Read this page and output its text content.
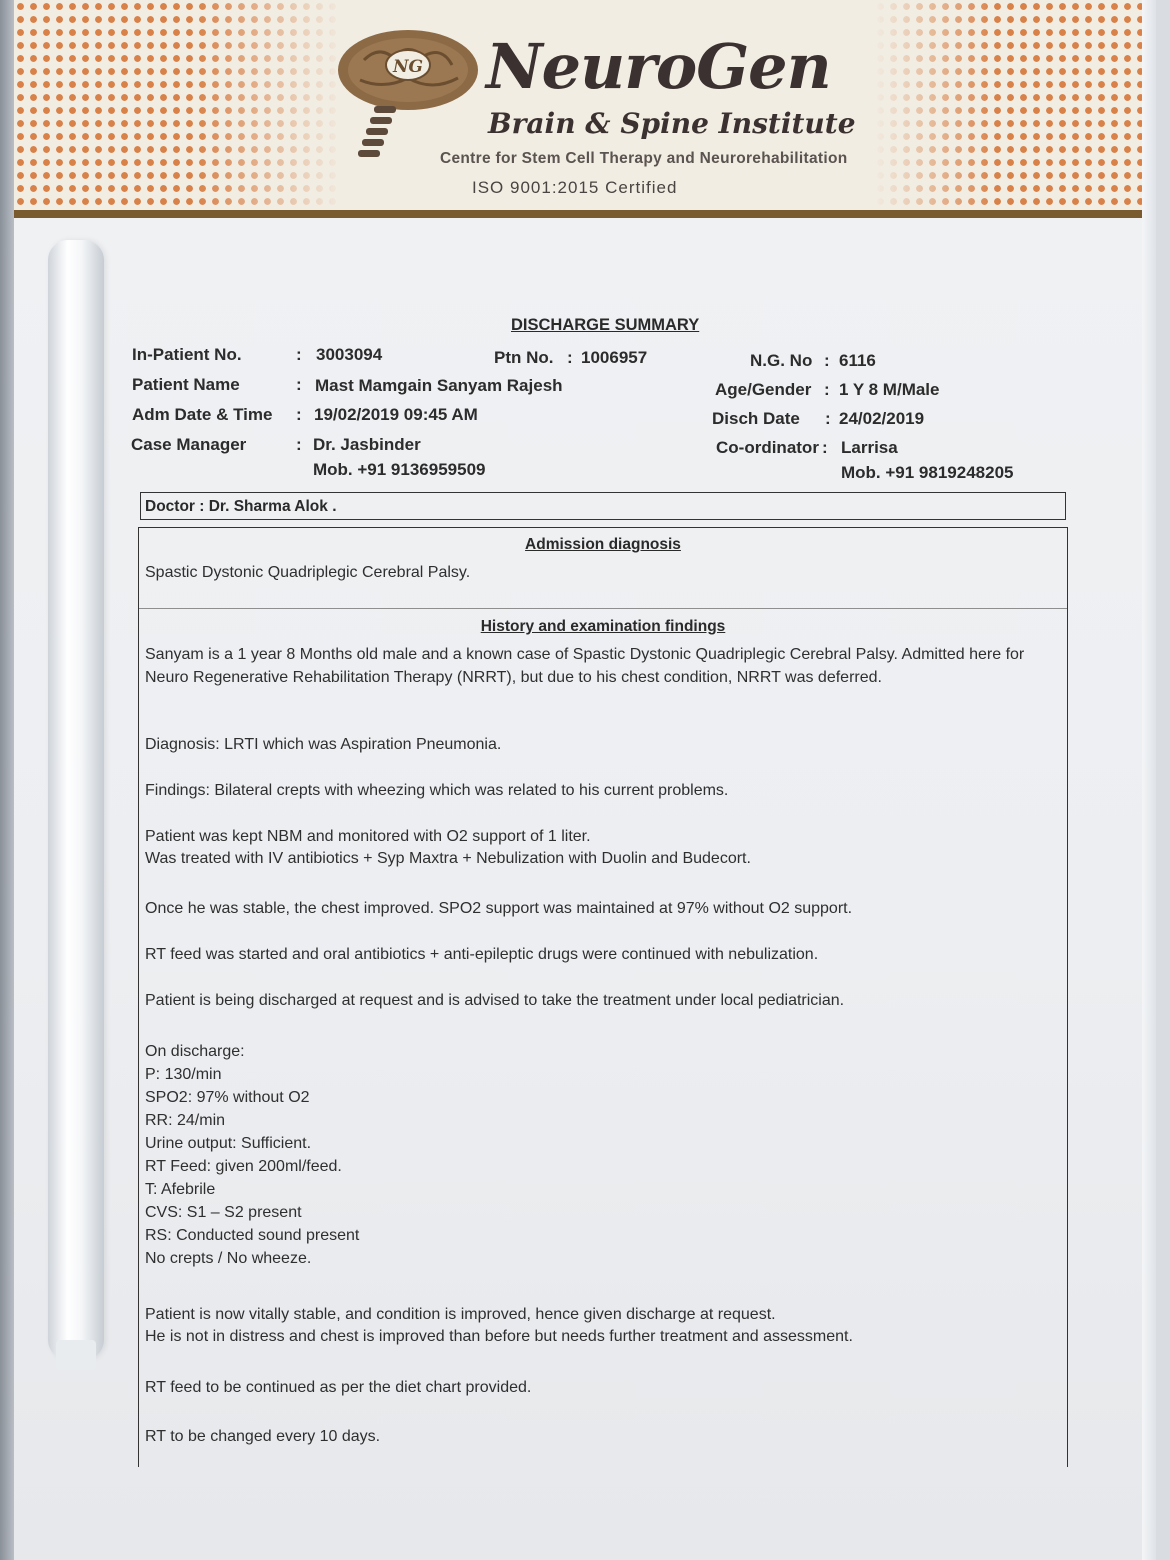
NG NeuroGen
Brain & Spine Institute
Centre for Stem Cell Therapy and Neurorehabilitation
ISO 9001:2015 Certified
DISCHARGE SUMMARY
In-Patient No.	: 3003094	Ptn No. : 1006957	N.G. No : 6116
Patient Name	: Mast Mamgain Sanyam Rajesh	Age/Gender : 1 Y 8 M/Male
Adm Date & Time : 19/02/2019 09:45 AM	Disch Date : 24/02/2019
Case Manager	: Dr. Jasbinder
Mob. +91 9136959509
Co-ordinator : Larrisa
Mob. +91 9819248205
Doctor : Dr. Sharma Alok .
Admission diagnosis
Spastic Dystonic Quadriplegic Cerebral Palsy.
History and examination findings
Sanyam is a 1 year 8 Months old male and a known case of Spastic Dystonic Quadriplegic Cerebral Palsy. Admitted here for Neuro Regenerative Rehabilitation Therapy (NRRT), but due to his chest condition, NRRT was deferred.
Diagnosis: LRTI which was Aspiration Pneumonia.
Findings: Bilateral crepts with wheezing which was related to his current problems.
Patient was kept NBM and monitored with O2 support of 1 liter.
Was treated with IV antibiotics + Syp Maxtra + Nebulization with Duolin and Budecort.
Once he was stable, the chest improved. SPO2 support was maintained at 97% without O2 support.
RT feed was started and oral antibiotics + anti-epileptic drugs were continued with nebulization.
Patient is being discharged at request and is advised to take the treatment under local pediatrician.
On discharge:
P: 130/min
SPO2: 97% without O2
RR: 24/min
Urine output: Sufficient.
RT Feed: given 200ml/feed.
T: Afebrile
CVS: S1 – S2 present
RS: Conducted sound present
No crepts / No wheeze.
Patient is now vitally stable, and condition is improved, hence given discharge at request.
He is not in distress and chest is improved than before but needs further treatment and assessment.
RT feed to be continued as per the diet chart provided.
RT to be changed every 10 days.
